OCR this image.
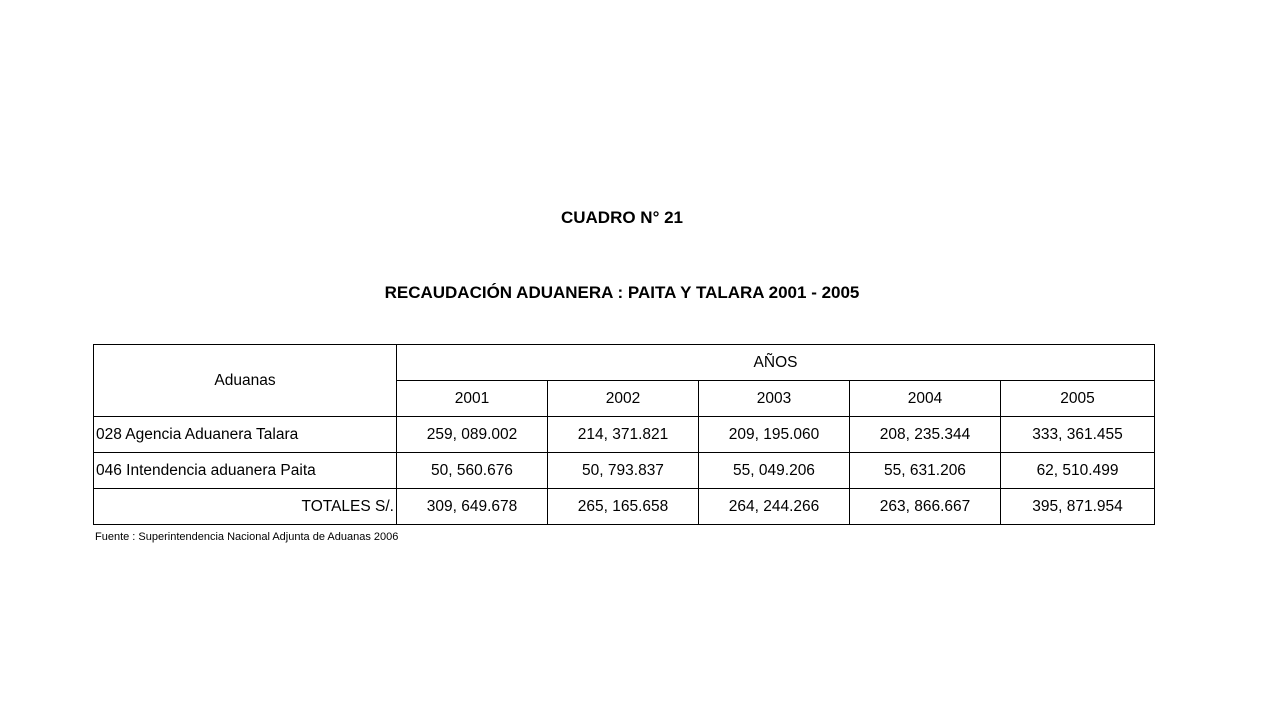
CUADRO N° 21
RECAUDACIÓN ADUANERA : PAITA Y TALARA 2001 - 2005
Aduanas	AÑOS				
	2001	2002	2003	2004	2005
028 Agencia Aduanera Talara	259, 089.002	214, 371.821	209, 195.060	208, 235.344	333, 361.455
046 Intendencia aduanera Paita	50, 560.676	50, 793.837	55, 049.206	55, 631.206	62, 510.499
TOTALES S/.	309, 649.678	265, 165.658	264, 244.266	263, 866.667	395, 871.954
Fuente : Superintendencia Nacional Adjunta de Aduanas 2006
